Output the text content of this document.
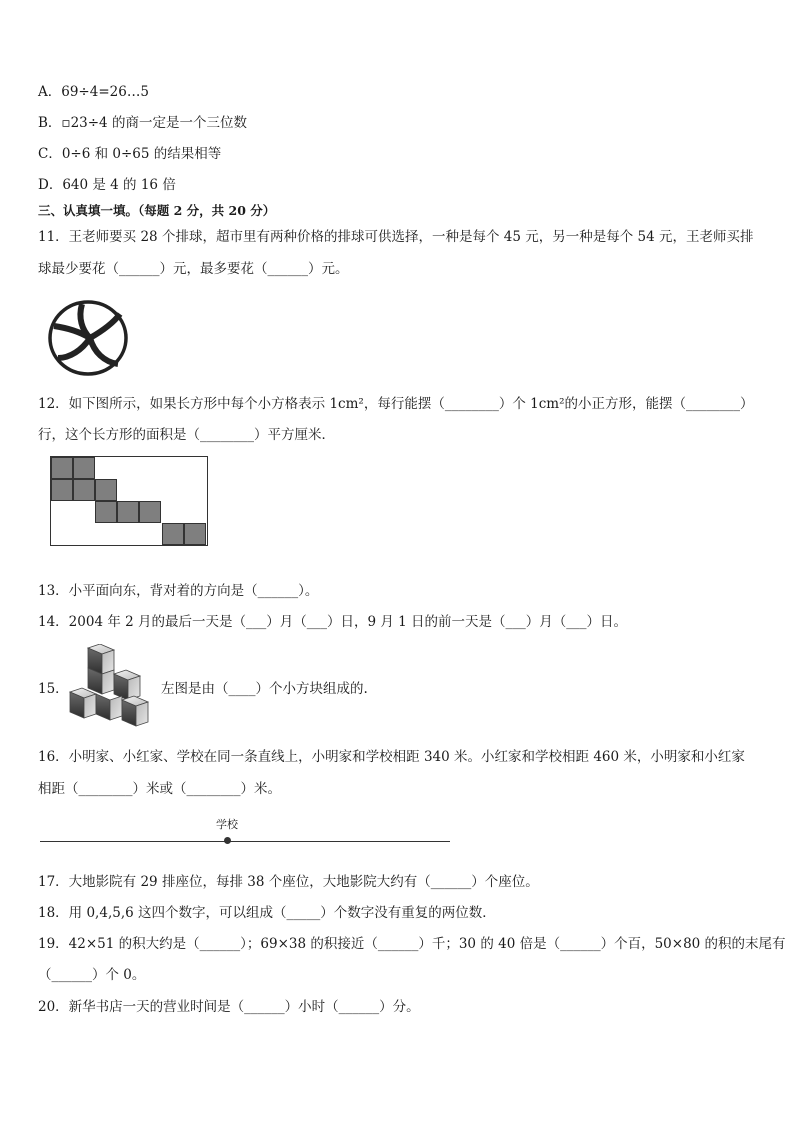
A．69÷4=26…5
B．▫23÷4 的商一定是一个三位数
C．0÷6 和 0÷65 的结果相等
D．640 是 4 的 16 倍
三、认真填一填。（每题 2 分，共 20 分）
11．王老师要买 28 个排球，超市里有两种价格的排球可供选择，一种是每个 45 元，另一种是每个 54 元，王老师买排
球最少要花（______）元，最多要花（______）元。
12．如下图所示，如果长方形中每个小方格表示 1cm²，每行能摆（________）个 1cm²的小正方形，能摆（________）
行，这个长方形的面积是（________）平方厘米．
13．小平面向东，背对着的方向是（______）。
14．2004 年 2 月的最后一天是（___）月（___）日，9 月 1 日的前一天是（___）月（___）日。
15．	左图是由（____）个小方块组成的.
16．小明家、小红家、学校在同一条直线上，小明家和学校相距 340 米。小红家和学校相距 460 米，小明家和小红家
相距（________）米或（________）米。
学校
17．大地影院有 29 排座位，每排 38 个座位，大地影院大约有（______）个座位。
18．用 0,4,5,6 这四个数字，可以组成（_____）个数字没有重复的两位数．
19．42×51 的积大约是（______）；69×38 的积接近（______）千；30 的 40 倍是（______）个百，50×80 的积的末尾有
（______）个 0。
20．新华书店一天的营业时间是（______）小时（______）分。
